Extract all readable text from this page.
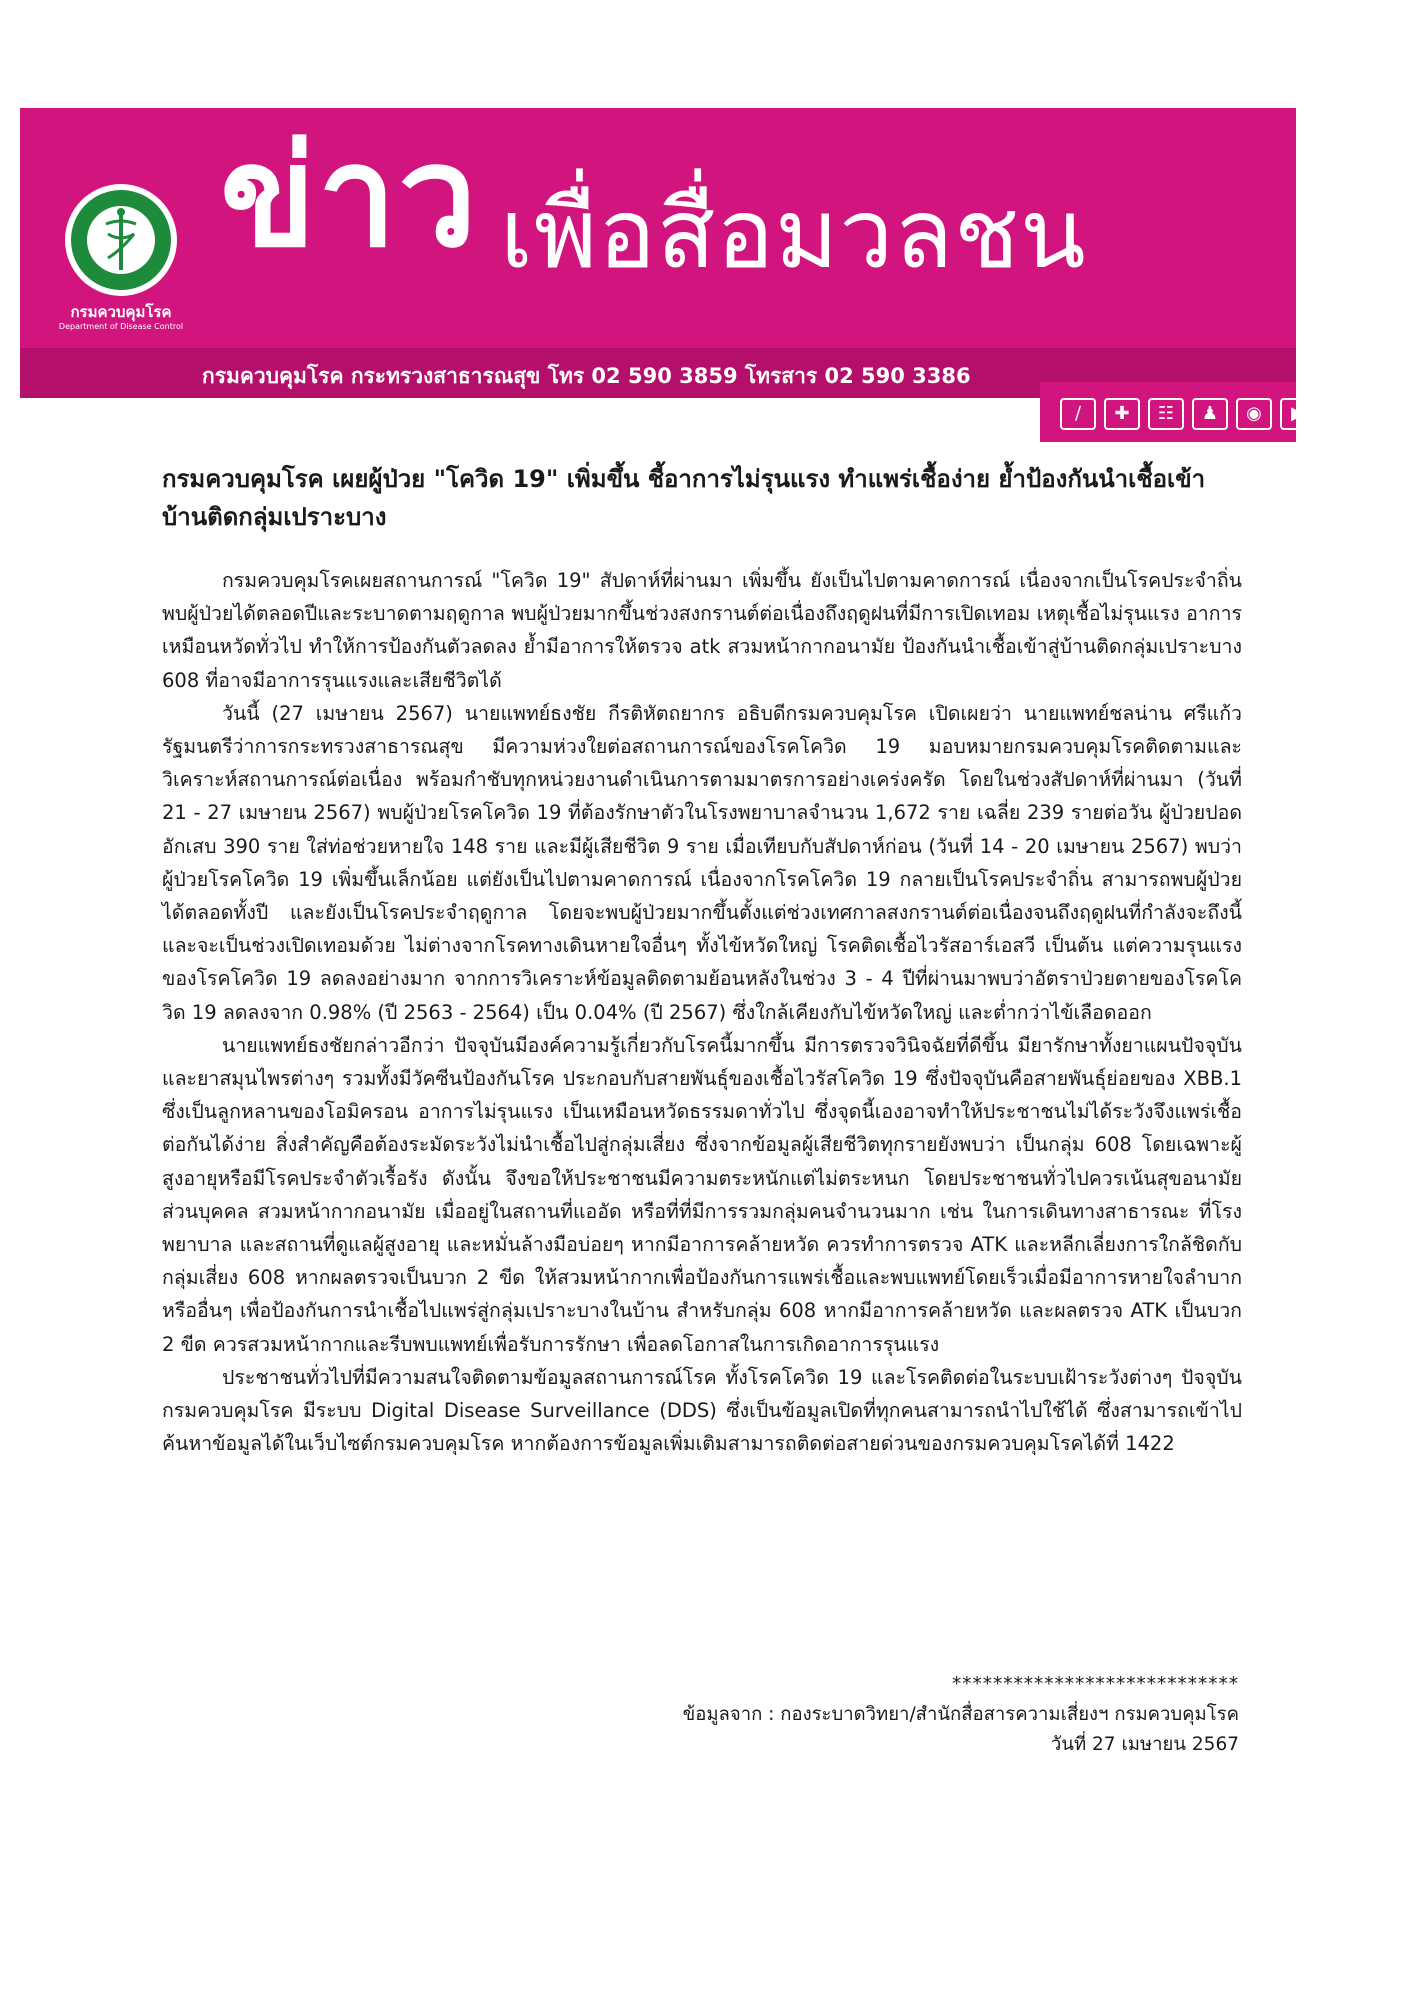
กรมควบคุมโรค
Department of Disease Control
ข่าว เพื่อสื่อมวลชน
กรมควบคุมโรค กระทรวงสาธารณสุข โทร 02 590 3859 โทรสาร 02 590 3386
∕	✚	☷	♟	◉	▶

กรมควบคุมโรค เผยผู้ป่วย "โควิด 19" เพิ่มขึ้น ชี้อาการไม่รุนแรง ทำแพร่เชื้อง่าย ย้ำป้องกันนำเชื้อเข้าบ้านติดกลุ่มเปราะบาง

กรมควบคุมโรคเผยสถานการณ์ "โควิด 19" สัปดาห์ที่ผ่านมา เพิ่มขึ้น ยังเป็นไปตามคาดการณ์ เนื่องจากเป็นโรคประจำถิ่น พบผู้ป่วยได้ตลอดปีและระบาดตามฤดูกาล พบผู้ป่วยมากขึ้นช่วงสงกรานต์ต่อเนื่องถึงฤดูฝนที่มีการเปิดเทอม เหตุเชื้อไม่รุนแรง อาการเหมือนหวัดทั่วไป ทำให้การป้องกันตัวลดลง ย้ำมีอาการให้ตรวจ atk สวมหน้ากากอนามัย ป้องกันนำเชื้อเข้าสู่บ้านติดกลุ่มเปราะบาง 608 ที่อาจมีอาการรุนแรงและเสียชีวิตได้

วันนี้ (27 เมษายน 2567) นายแพทย์ธงชัย กีรติหัตถยากร อธิบดีกรมควบคุมโรค เปิดเผยว่า นายแพทย์ชลน่าน ศรีแก้ว รัฐมนตรีว่าการกระทรวงสาธารณสุข มีความห่วงใยต่อสถานการณ์ของโรคโควิด 19 มอบหมายกรมควบคุมโรคติดตามและวิเคราะห์สถานการณ์ต่อเนื่อง พร้อมกำชับทุกหน่วยงานดำเนินการตามมาตรการอย่างเคร่งครัด โดยในช่วงสัปดาห์ที่ผ่านมา (วันที่ 21 - 27 เมษายน 2567) พบผู้ป่วยโรคโควิด 19 ที่ต้องรักษาตัวในโรงพยาบาลจำนวน 1,672 ราย เฉลี่ย 239 รายต่อวัน ผู้ป่วยปอดอักเสบ 390 ราย ใส่ท่อช่วยหายใจ 148 ราย และมีผู้เสียชีวิต 9 ราย เมื่อเทียบกับสัปดาห์ก่อน (วันที่ 14 - 20 เมษายน 2567) พบว่า ผู้ป่วยโรคโควิด 19 เพิ่มขึ้นเล็กน้อย แต่ยังเป็นไปตามคาดการณ์ เนื่องจากโรคโควิด 19 กลายเป็นโรคประจำถิ่น สามารถพบผู้ป่วยได้ตลอดทั้งปี และยังเป็นโรคประจำฤดูกาล โดยจะพบผู้ป่วยมากขึ้นตั้งแต่ช่วงเทศกาลสงกรานต์ต่อเนื่องจนถึงฤดูฝนที่กำลังจะถึงนี้และจะเป็นช่วงเปิดเทอมด้วย ไม่ต่างจากโรคทางเดินหายใจอื่นๆ ทั้งไข้หวัดใหญ่ โรคติดเชื้อไวรัสอาร์เอสวี เป็นต้น แต่ความรุนแรงของโรคโควิด 19 ลดลงอย่างมาก จากการวิเคราะห์ข้อมูลติดตามย้อนหลังในช่วง 3 - 4 ปีที่ผ่านมาพบว่าอัตราป่วยตายของโรคโควิด 19 ลดลงจาก 0.98% (ปี 2563 - 2564) เป็น 0.04% (ปี 2567) ซึ่งใกล้เคียงกับไข้หวัดใหญ่ และต่ำกว่าไข้เลือดออก

นายแพทย์ธงชัยกล่าวอีกว่า ปัจจุบันมีองค์ความรู้เกี่ยวกับโรคนี้มากขึ้น มีการตรวจวินิจฉัยที่ดีขึ้น มียารักษาทั้งยาแผนปัจจุบันและยาสมุนไพรต่างๆ รวมทั้งมีวัคซีนป้องกันโรค ประกอบกับสายพันธุ์ของเชื้อไวรัสโควิด 19 ซึ่งปัจจุบันคือสายพันธุ์ย่อยของ XBB.1 ซึ่งเป็นลูกหลานของโอมิครอน อาการไม่รุนแรง เป็นเหมือนหวัดธรรมดาทั่วไป ซึ่งจุดนี้เองอาจทำให้ประชาชนไม่ได้ระวังจึงแพร่เชื้อต่อกันได้ง่าย สิ่งสำคัญคือต้องระมัดระวังไม่นำเชื้อไปสู่กลุ่มเสี่ยง ซึ่งจากข้อมูลผู้เสียชีวิตทุกรายยังพบว่า เป็นกลุ่ม 608 โดยเฉพาะผู้สูงอายุหรือมีโรคประจำตัวเรื้อรัง ดังนั้น จึงขอให้ประชาชนมีความตระหนักแต่ไม่ตระหนก โดยประชาชนทั่วไปควรเน้นสุขอนามัยส่วนบุคคล สวมหน้ากากอนามัย เมื่ออยู่ในสถานที่แออัด หรือที่ที่มีการรวมกลุ่มคนจำนวนมาก เช่น ในการเดินทางสาธารณะ ที่โรงพยาบาล และสถานที่ดูแลผู้สูงอายุ และหมั่นล้างมือบ่อยๆ หากมีอาการคล้ายหวัด ควรทำการตรวจ ATK และหลีกเลี่ยงการใกล้ชิดกับกลุ่มเสี่ยง 608 หากผลตรวจเป็นบวก 2 ขีด ให้สวมหน้ากากเพื่อป้องกันการแพร่เชื้อและพบแพทย์โดยเร็วเมื่อมีอาการหายใจลำบากหรืออื่นๆ เพื่อป้องกันการนำเชื้อไปแพร่สู่กลุ่มเปราะบางในบ้าน สำหรับกลุ่ม 608 หากมีอาการคล้ายหวัด และผลตรวจ ATK เป็นบวก 2 ขีด ควรสวมหน้ากากและรีบพบแพทย์เพื่อรับการรักษา เพื่อลดโอกาสในการเกิดอาการรุนแรง

ประชาชนทั่วไปที่มีความสนใจติดตามข้อมูลสถานการณ์โรค ทั้งโรคโควิด 19 และโรคติดต่อในระบบเฝ้าระวังต่างๆ ปัจจุบัน กรมควบคุมโรค มีระบบ Digital Disease Surveillance (DDS) ซึ่งเป็นข้อมูลเปิดที่ทุกคนสามารถนำไปใช้ได้ ซึ่งสามารถเข้าไปค้นหาข้อมูลได้ในเว็บไซต์กรมควบคุมโรค หากต้องการข้อมูลเพิ่มเติมสามารถติดต่อสายด่วนของกรมควบคุมโรคได้ที่ 1422

****************************
ข้อมูลจาก : กองระบาดวิทยา/สำนักสื่อสารความเสี่ยงฯ กรมควบคุมโรค
วันที่ 27 เมษายน 2567
